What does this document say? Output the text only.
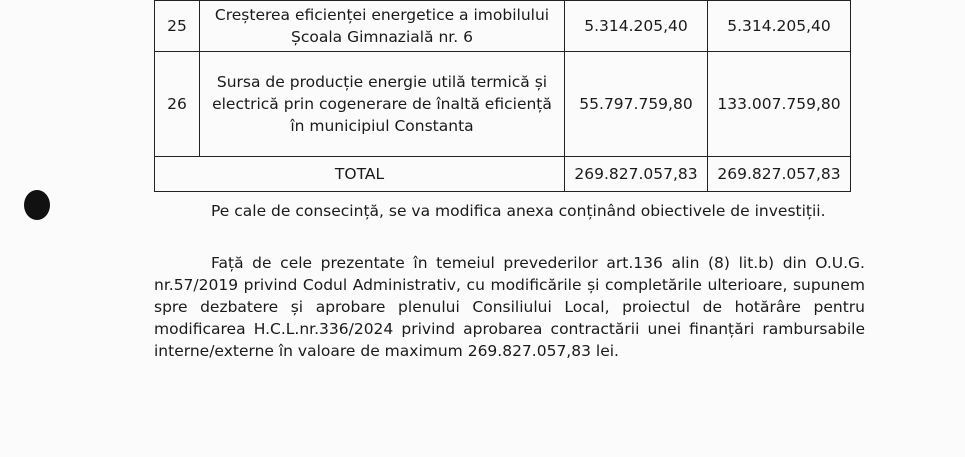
25	Creșterea eficienței energetice a imobilului
Școala Gimnazială nr. 6	5.314.205,40	5.314.205,40
26	Sursa de producție energie utilă termică și
electrică prin cogenerare de înaltă eficiență
în municipiul Constanta	55.797.759,80	133.007.759,80
TOTAL		269.827.057,83	269.827.057,83

Pe cale de consecință, se va modifica anexa conținând obiectivele de investiții.

Față de cele prezentate în temeiul prevederilor art.136 alin (8) lit.b) din O.U.G. nr.57/2019 privind Codul Administrativ, cu modificările și completările ulterioare, supunem spre dezbatere și aprobare plenului Consiliului Local, proiectul de hotărâre pentru modificarea H.C.L.nr.336/2024 privind aprobarea contractării unei finanțări rambursabile interne/externe în valoare de maximum 269.827.057,83 lei.
